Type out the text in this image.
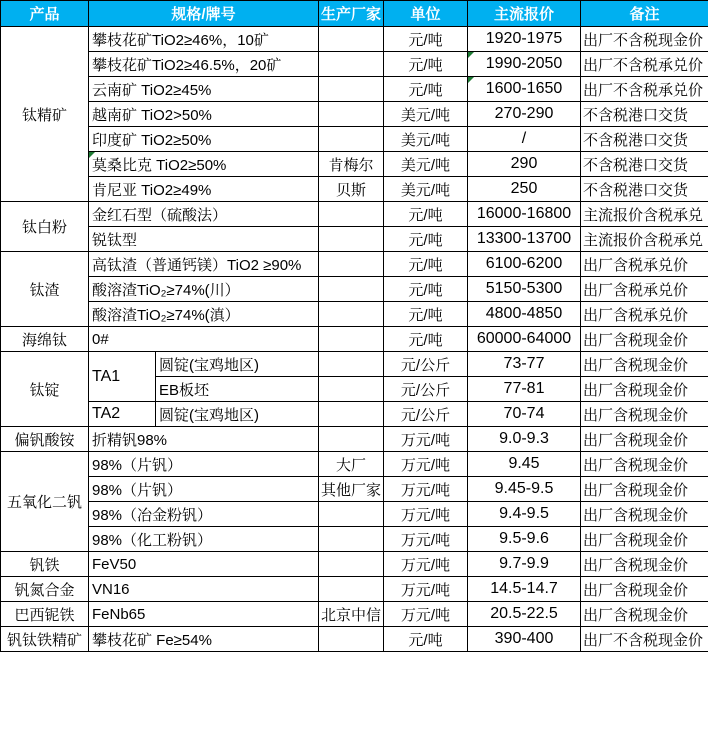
产品	规格/牌号		生产厂家	单位	主流报价	备注
钛精矿	攀枝花矿TiO2≥46%，10矿			元/吨	1920-1975	出厂不含税现金价
	攀枝花矿TiO2≥46.5%，20矿			元/吨	1990-2050	出厂不含税承兑价
	云南矿 TiO2≥45%			元/吨	1600-1650	出厂不含税承兑价
	越南矿 TiO2>50%			美元/吨	270-290	不含税港口交货
	印度矿 TiO2≥50%			美元/吨	/	不含税港口交货
	莫桑比克 TiO2≥50%		肯梅尔	美元/吨	290	不含税港口交货
	肯尼亚 TiO2≥49%		贝斯	美元/吨	250	不含税港口交货
钛白粉	金红石型（硫酸法）			元/吨	16000-16800	主流报价含税承兑
	锐钛型			元/吨	13300-13700	主流报价含税承兑
钛渣	高钛渣（普通钙镁）TiO2 ≥90%			元/吨	6100-6200	出厂含税承兑价
	酸溶渣TiO₂≥74%(川）			元/吨	5150-5300	出厂含税承兑价
	酸溶渣TiO₂≥74%(滇）			元/吨	4800-4850	出厂含税承兑价
海绵钛	0#			元/吨	60000-64000	出厂含税现金价
钛锭	TA1	圆锭(宝鸡地区)		元/公斤	73-77	出厂含税现金价
		EB板坯		元/公斤	77-81	出厂含税现金价
	TA2	圆锭(宝鸡地区)		元/公斤	70-74	出厂含税现金价
偏钒酸铵	折精钒98%			万元/吨	9.0-9.3	出厂含税现金价
五氧化二钒	98%（片钒）		大厂	万元/吨	9.45	出厂含税现金价
	98%（片钒）		其他厂家	万元/吨	9.45-9.5	出厂含税现金价
	98%（冶金粉钒）			万元/吨	9.4-9.5	出厂含税现金价
	98%（化工粉钒）			万元/吨	9.5-9.6	出厂含税现金价
钒铁	FeV50			万元/吨	9.7-9.9	出厂含税现金价
钒氮合金	VN16			万元/吨	14.5-14.7	出厂含税现金价
巴西铌铁	FeNb65		北京中信	万元/吨	20.5-22.5	出厂含税现金价
钒钛铁精矿	攀枝花矿 Fe≥54%			元/吨	390-400	出厂不含税现金价
